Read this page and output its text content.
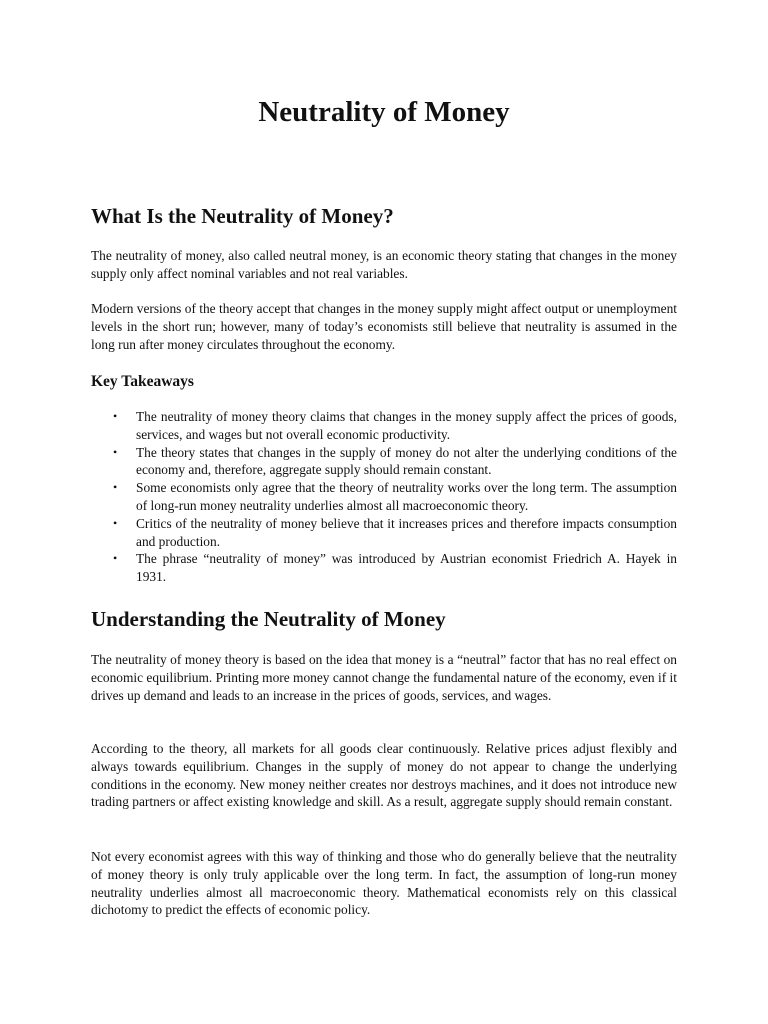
Neutrality of Money
What Is the Neutrality of Money?

The neutrality of money, also called neutral money, is an economic theory stating that changes in the money supply only affect nominal variables and not real variables.

Modern versions of the theory accept that changes in the money supply might affect output or unemployment levels in the short run; however, many of today’s economists still believe that neutrality is assumed in the long run after money circulates throughout the economy.

Key Takeaways
• The neutrality of money theory claims that changes in the money supply affect the prices of goods, services, and wages but not overall economic productivity.
• The theory states that changes in the supply of money do not alter the underlying conditions of the economy and, therefore, aggregate supply should remain constant.
• Some economists only agree that the theory of neutrality works over the long term. The assumption of long-run money neutrality underlies almost all macroeconomic theory.
• Critics of the neutrality of money believe that it increases prices and therefore impacts consumption and production.
• The phrase “neutrality of money” was introduced by Austrian economist Friedrich A. Hayek in 1931.
Understanding the Neutrality of Money

The neutrality of money theory is based on the idea that money is a “neutral” factor that has no real effect on economic equilibrium. Printing more money cannot change the fundamental nature of the economy, even if it drives up demand and leads to an increase in the prices of goods, services, and wages.

According to the theory, all markets for all goods clear continuously. Relative prices adjust flexibly and always towards equilibrium. Changes in the supply of money do not appear to change the underlying conditions in the economy. New money neither creates nor destroys machines, and it does not introduce new trading partners or affect existing knowledge and skill. As a result, aggregate supply should remain constant.

Not every economist agrees with this way of thinking and those who do generally believe that the neutrality of money theory is only truly applicable over the long term. In fact, the assumption of long-run money neutrality underlies almost all macroeconomic theory. Mathematical economists rely on this classical dichotomy to predict the effects of economic policy.
